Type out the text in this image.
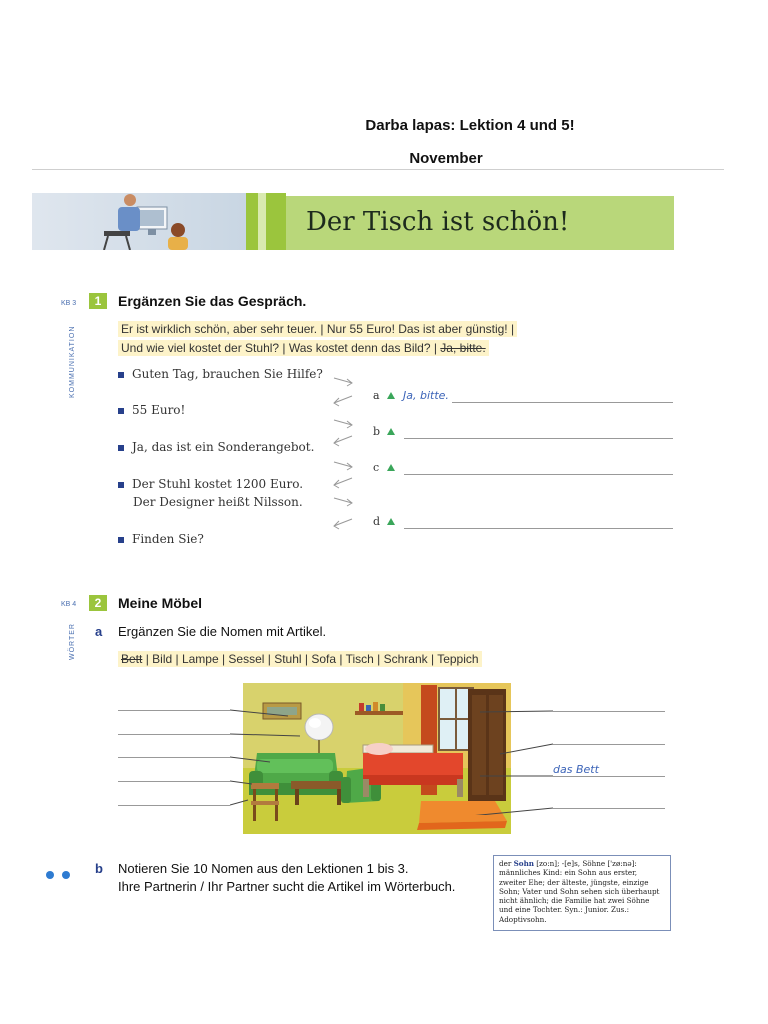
Darba lapas: Lektion 4 und 5!
November
Der Tisch ist schön!
KB 3	1	Ergänzen Sie das Gespräch.
KOMMUNIKATION	Er ist wirklich schön, aber sehr teuer. | Nur 55 Euro! Das ist aber günstig! |
Und wie viel kostet der Stuhl? | Was kostet denn das Bild? | Ja, bitte.
Guten Tag, brauchen Sie Hilfe?
55 Euro!
Ja, das ist ein Sonderangebot.
Der Stuhl kostet 1200 Euro.
Der Designer heißt Nilsson.
Finden Sie?
a Ja, bitte.
b
c
d
KB 4	2	Meine Möbel
WÖRTER a Ergänzen Sie die Nomen mit Artikel.
Bett | Bild | Lampe | Sessel | Stuhl | Sofa | Tisch | Schrank | Teppich
das Bett
b Notieren Sie 10 Nomen aus den Lektionen 1 bis 3.
Ihre Partnerin / Ihr Partner sucht die Artikel im Wörterbuch.
der Sohn [zo:n]; -[e]s, Söhne ['zø:nə]: männliches Kind: ein Sohn aus erster, zweiter Ehe; der älteste, jüngste, einzige Sohn; Vater und Sohn sehen sich überhaupt nicht ähnlich; die Familie hat zwei Söhne und eine Tochter. Syn.: Junior. Zus.: Adoptivsohn.
